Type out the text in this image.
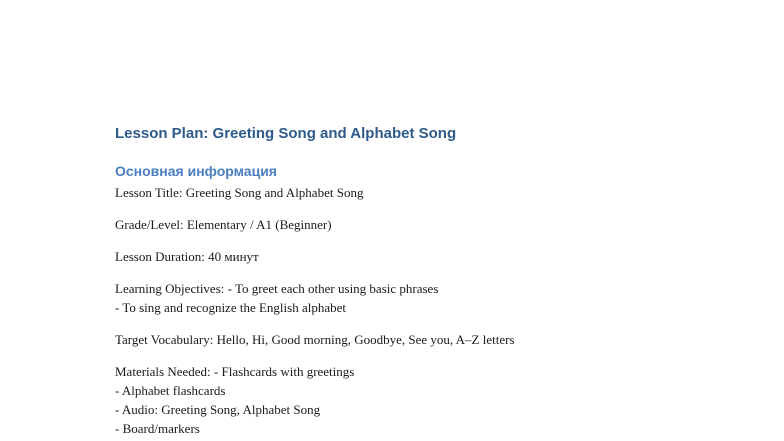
Lesson Plan: Greeting Song and Alphabet Song
Основная информация
Lesson Title: Greeting Song and Alphabet Song
Grade/Level: Elementary / A1 (Beginner)
Lesson Duration: 40 минут
Learning Objectives: - To greet each other using basic phrases
- To sing and recognize the English alphabet
Target Vocabulary: Hello, Hi, Good morning, Goodbye, See you, A–Z letters
Materials Needed: - Flashcards with greetings
- Alphabet flashcards
- Audio: Greeting Song, Alphabet Song
- Board/markers
